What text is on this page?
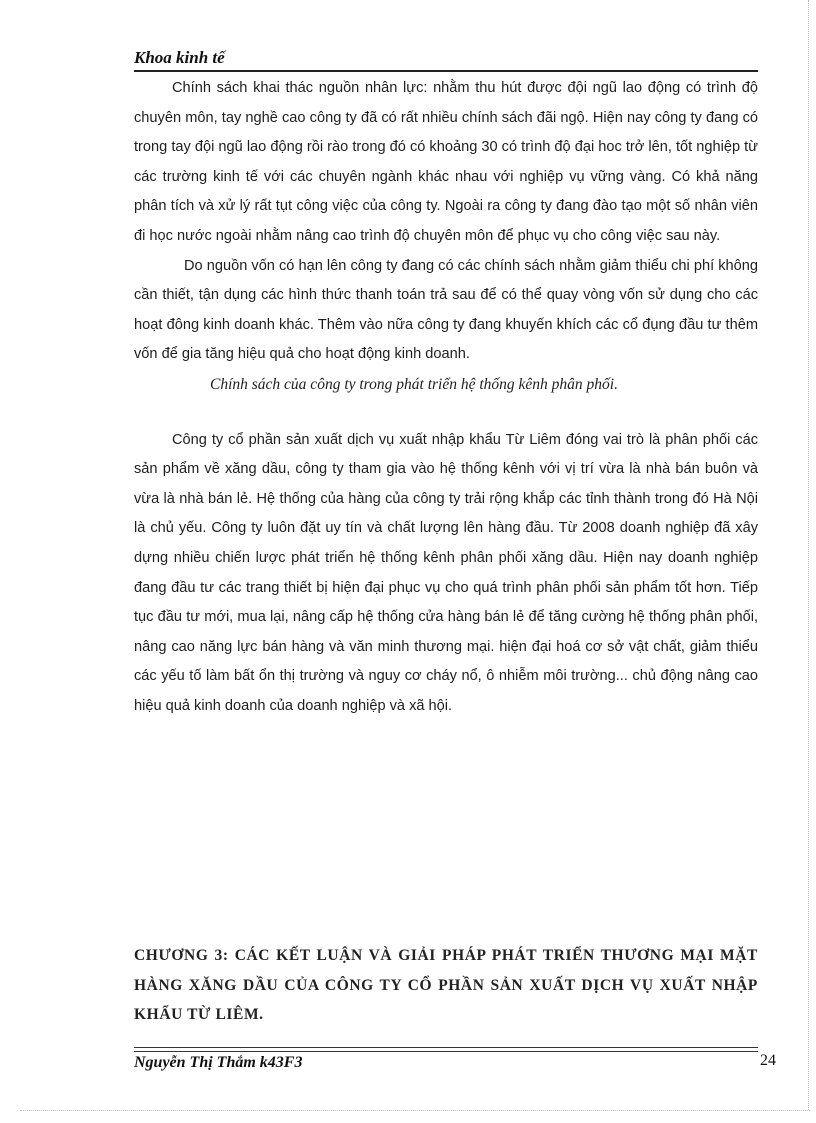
Khoa kinh tế

Chính sách khai thác nguồn nhân lực: nhằm thu hút được đội ngũ lao động có trình độ chuyên môn, tay nghề cao công ty đã có rất nhiều chính sách đãi ngộ. Hiện nay công ty đang có trong tay đội ngũ lao động rồi rào trong đó có khoảng 30 có trình độ đại hoc trở lên, tốt nghiệp từ các trường kinh tế với các chuyên ngành khác nhau với nghiệp vụ vững vàng. Có khả năng phân tích và xử lý rất tụt công việc của công ty. Ngoài ra công ty đang đào tạo một số nhân viên đi học nước ngoài nhằm nâng cao trình độ chuyên môn để phục vụ cho công việc sau này.

Do nguồn vốn có hạn lên công ty đang có các chính sách nhằm giảm thiểu chi phí không cần thiết, tận dụng các hình thức thanh toán trả sau để có thể quay vòng vốn sử dụng cho các hoạt đông kinh doanh khác. Thêm vào nữa công ty đang khuyến khích các cổ đụng đầu tư thêm vốn để gia tăng hiệu quả cho hoạt động kinh doanh.

Chính sách của công ty trong phát triển hệ thống kênh phân phối.

Công ty cổ phần sản xuất dịch vụ xuất nhập khẩu Từ Liêm đóng vai trò là phân phối các sản phẩm về xăng dầu, công ty tham gia vào hệ thống kênh với vị trí vừa là nhà bán buôn và vừa là nhà bán lẻ. Hệ thống của hàng của công ty trải rộng khắp các tỉnh thành trong đó Hà Nội là chủ yếu. Công ty luôn đặt uy tín và chất lượng lên hàng đầu. Từ 2008 doanh nghiệp đã xây dựng nhiều chiến lược phát triển hệ thống kênh phân phối xăng dầu. Hiện nay doanh nghiệp đang đầu tư các trang thiết bị hiện đại phục vụ cho quá trình phân phối sản phẩm tốt hơn. Tiếp tục đầu tư mới, mua lại, nâng cấp hệ thống cửa hàng bán lẻ để tăng cường hệ thống phân phối, nâng cao năng lực bán hàng và văn minh thương mại. hiện đại hoá cơ sở vật chất, giảm thiểu các yếu tố làm bất ổn thị trường và nguy cơ cháy nổ, ô nhiễm môi trường... chủ động nâng cao hiệu quả kinh doanh của doanh nghiệp và xã hội.

CHƯƠNG 3: CÁC KẾT LUẬN VÀ GIẢI PHÁP PHÁT TRIỂN THƯƠNG MẠI MẶT HÀNG XĂNG DẦU CỦA CÔNG TY CỔ PHẦN SẢN XUẤT DỊCH VỤ XUẤT NHẬP KHẨU TỪ LIÊM.
Nguyễn Thị Thắm k43F3	24
